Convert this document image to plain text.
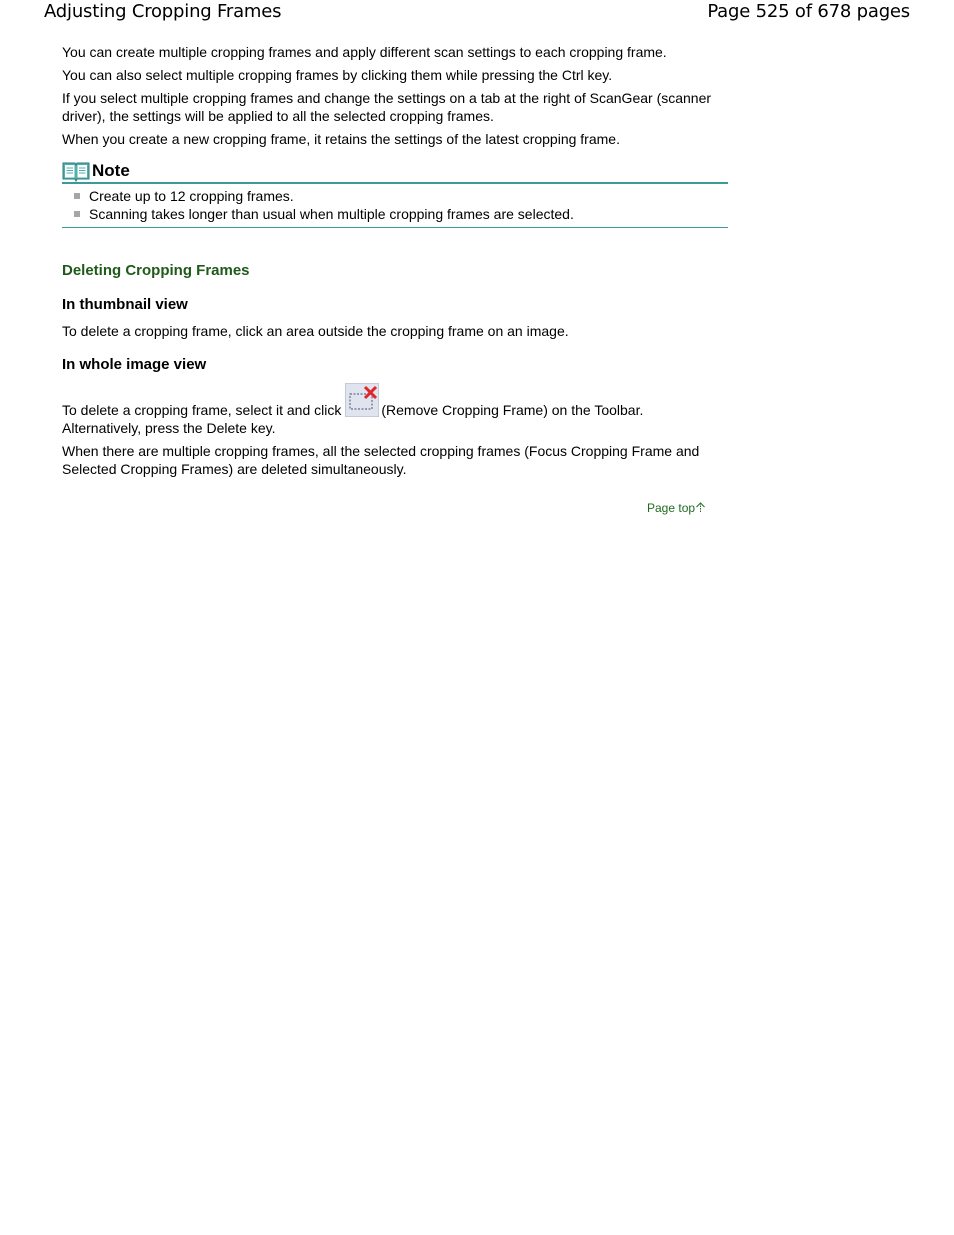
Adjusting Cropping Frames	Page 525 of 678 pages

You can create multiple cropping frames and apply different scan settings to each cropping frame.

You can also select multiple cropping frames by clicking them while pressing the Ctrl key.

If you select multiple cropping frames and change the settings on a tab at the right of ScanGear (scanner driver), the settings will be applied to all the selected cropping frames.

When you create a new cropping frame, it retains the settings of the latest cropping frame.

Note
Create up to 12 cropping frames.
Scanning takes longer than usual when multiple cropping frames are selected.
Deleting Cropping Frames
In thumbnail view

To delete a cropping frame, click an area outside the cropping frame on an image.

In whole image view

To delete a cropping frame, select it and click	(Remove Cropping Frame) on the Toolbar.
Alternatively, press the Delete key.

When there are multiple cropping frames, all the selected cropping frames (Focus Cropping Frame and Selected Cropping Frames) are deleted simultaneously.

Page top
